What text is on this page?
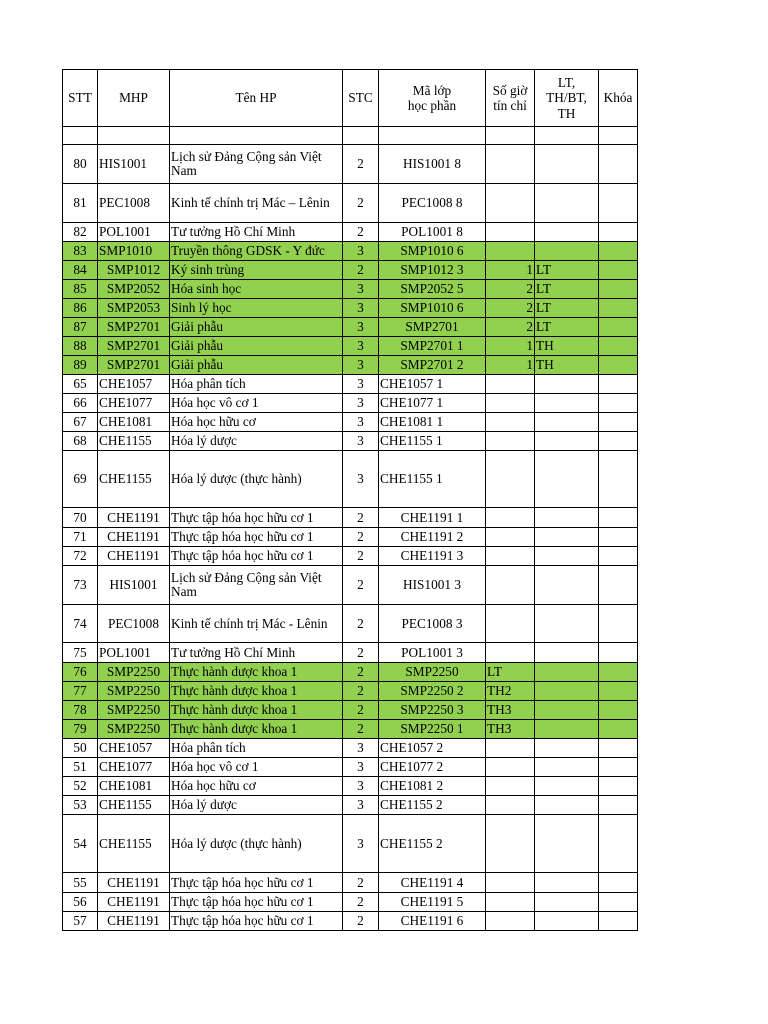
STT	MHP	Tên HP	STC	Mã lớp
học phần	Số giờ tín chỉ	LT, TH/BT, TH	Khóa

80	HIS1001	Lịch sử Đảng Cộng sản Việt Nam	2	HIS1001 8			
81	PEC1008	Kinh tế chính trị Mác – Lênin	2	PEC1008 8			
82	POL1001	Tư tưởng Hồ Chí Minh	2	POL1001 8			
83	SMP1010	Truyền thông GDSK - Y đức	3	SMP1010 6			
84	SMP1012	Ký sinh trùng	2	SMP1012 3	1	LT	
85	SMP2052	Hóa sinh học	3	SMP2052 5	2	LT	
86	SMP2053	Sinh lý học	3	SMP1010 6	2	LT	
87	SMP2701	Giải phẫu	3	SMP2701	2	LT	
88	SMP2701	Giải phẫu	3	SMP2701 1	1	TH	
89	SMP2701	Giải phẫu	3	SMP2701 2	1	TH	
65	CHE1057	Hóa phân tích	3	CHE1057 1			
66	CHE1077	Hóa học vô cơ 1	3	CHE1077 1			
67	CHE1081	Hóa học hữu cơ	3	CHE1081 1			
68	CHE1155	Hóa lý dược	3	CHE1155 1			
69	CHE1155	Hóa lý dược (thực hành)	3	CHE1155 1			
70	CHE1191	Thực tập hóa học hữu cơ 1	2	CHE1191 1			
71	CHE1191	Thực tập hóa học hữu cơ 1	2	CHE1191 2			
72	CHE1191	Thực tập hóa học hữu cơ 1	2	CHE1191 3			
73	HIS1001	Lịch sử Đảng Cộng sản Việt Nam	2	HIS1001 3			
74	PEC1008	Kinh tế chính trị Mác - Lênin	2	PEC1008 3			
75	POL1001	Tư tưởng Hồ Chí Minh	2	POL1001 3			
76	SMP2250	Thực hành dược khoa 1	2	SMP2250	LT		
77	SMP2250	Thực hành dược khoa 1	2	SMP2250 2	TH2		
78	SMP2250	Thực hành dược khoa 1	2	SMP2250 3	TH3		
79	SMP2250	Thực hành dược khoa 1	2	SMP2250 1	TH3		
50	CHE1057	Hóa phân tích	3	CHE1057 2			
51	CHE1077	Hóa học vô cơ 1	3	CHE1077 2			
52	CHE1081	Hóa học hữu cơ	3	CHE1081 2			
53	CHE1155	Hóa lý dược	3	CHE1155 2			
54	CHE1155	Hóa lý dược (thực hành)	3	CHE1155 2			
55	CHE1191	Thực tập hóa học hữu cơ 1	2	CHE1191 4			
56	CHE1191	Thực tập hóa học hữu cơ 1	2	CHE1191 5			
57	CHE1191	Thực tập hóa học hữu cơ 1	2	CHE1191 6			
